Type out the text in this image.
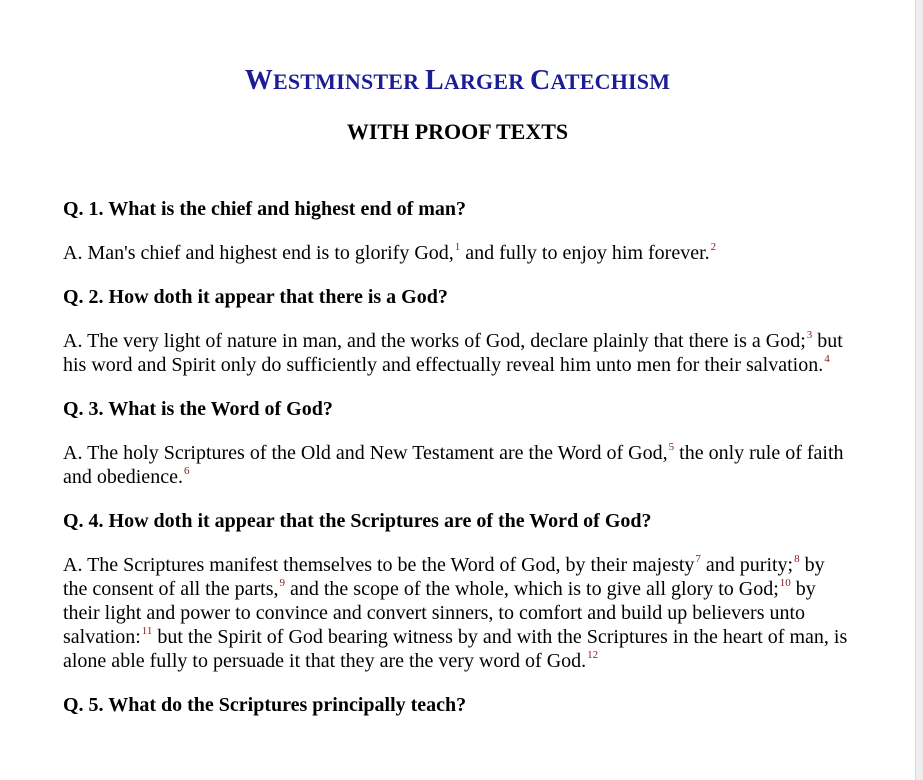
WESTMINSTER LARGER CATECHISM
WITH PROOF TEXTS

Q. 1. What is the chief and highest end of man?

A. Man's chief and highest end is to glorify God,$^1$ and fully to enjoy him forever.$^2$

Q. 2. How doth it appear that there is a God?

A. The very light of nature in man, and the works of God, declare plainly that there is a God;$^3$ but his word and Spirit only do sufficiently and effectually reveal him unto men for their salvation.$^4$

Q. 3. What is the Word of God?

A. The holy Scriptures of the Old and New Testament are the Word of God,$^5$ the only rule of faith and obedience.$^6$

Q. 4. How doth it appear that the Scriptures are of the Word of God?

A. The Scriptures manifest themselves to be the Word of God, by their majesty$^7$ and purity;$^8$ by the consent of all the parts,$^9$ and the scope of the whole, which is to give all glory to God;$^{10}$ by their light and power to convince and convert sinners, to comfort and build up believers unto salvation:$^{11}$ but the Spirit of God bearing witness by and with the Scriptures in the heart of man, is alone able fully to persuade it that they are the very word of God.$^{12}$

Q. 5. What do the Scriptures principally teach?
